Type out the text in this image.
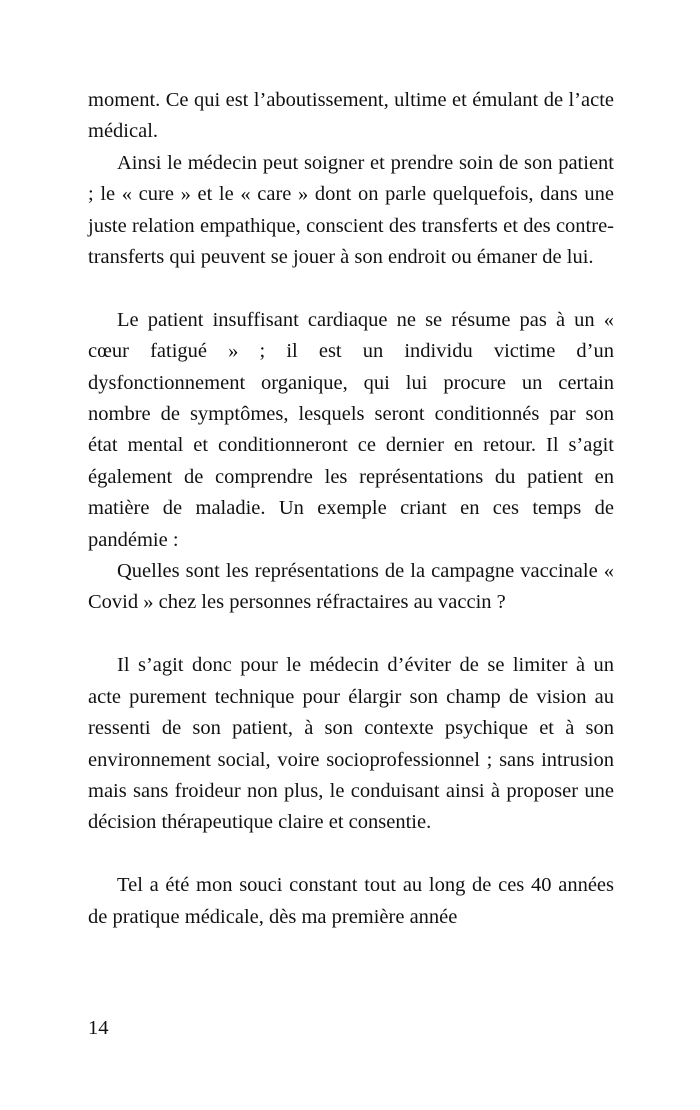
moment. Ce qui est l’aboutissement, ultime et émulant de l’acte médical.

Ainsi le médecin peut soigner et prendre soin de son patient ; le « cure » et le « care » dont on parle quelquefois, dans une juste relation empathique, conscient des transferts et des contre-transferts qui peuvent se jouer à son endroit ou émaner de lui.

Le patient insuffisant cardiaque ne se résume pas à un « cœur fatigué » ; il est un individu victime d’un dysfonctionnement organique, qui lui procure un certain nombre de symptômes, lesquels seront conditionnés par son état mental et conditionneront ce dernier en retour. Il s’agit également de comprendre les représentations du patient en matière de maladie. Un exemple criant en ces temps de pandémie :

Quelles sont les représentations de la campagne vaccinale « Covid » chez les personnes réfractaires au vaccin ?

Il s’agit donc pour le médecin d’éviter de se limiter à un acte purement technique pour élargir son champ de vision au ressenti de son patient, à son contexte psychique et à son environnement social, voire socioprofessionnel ; sans intrusion mais sans froideur non plus, le conduisant ainsi à proposer une décision thérapeutique claire et consentie.

Tel a été mon souci constant tout au long de ces 40 années de pratique médicale, dès ma première année

14
